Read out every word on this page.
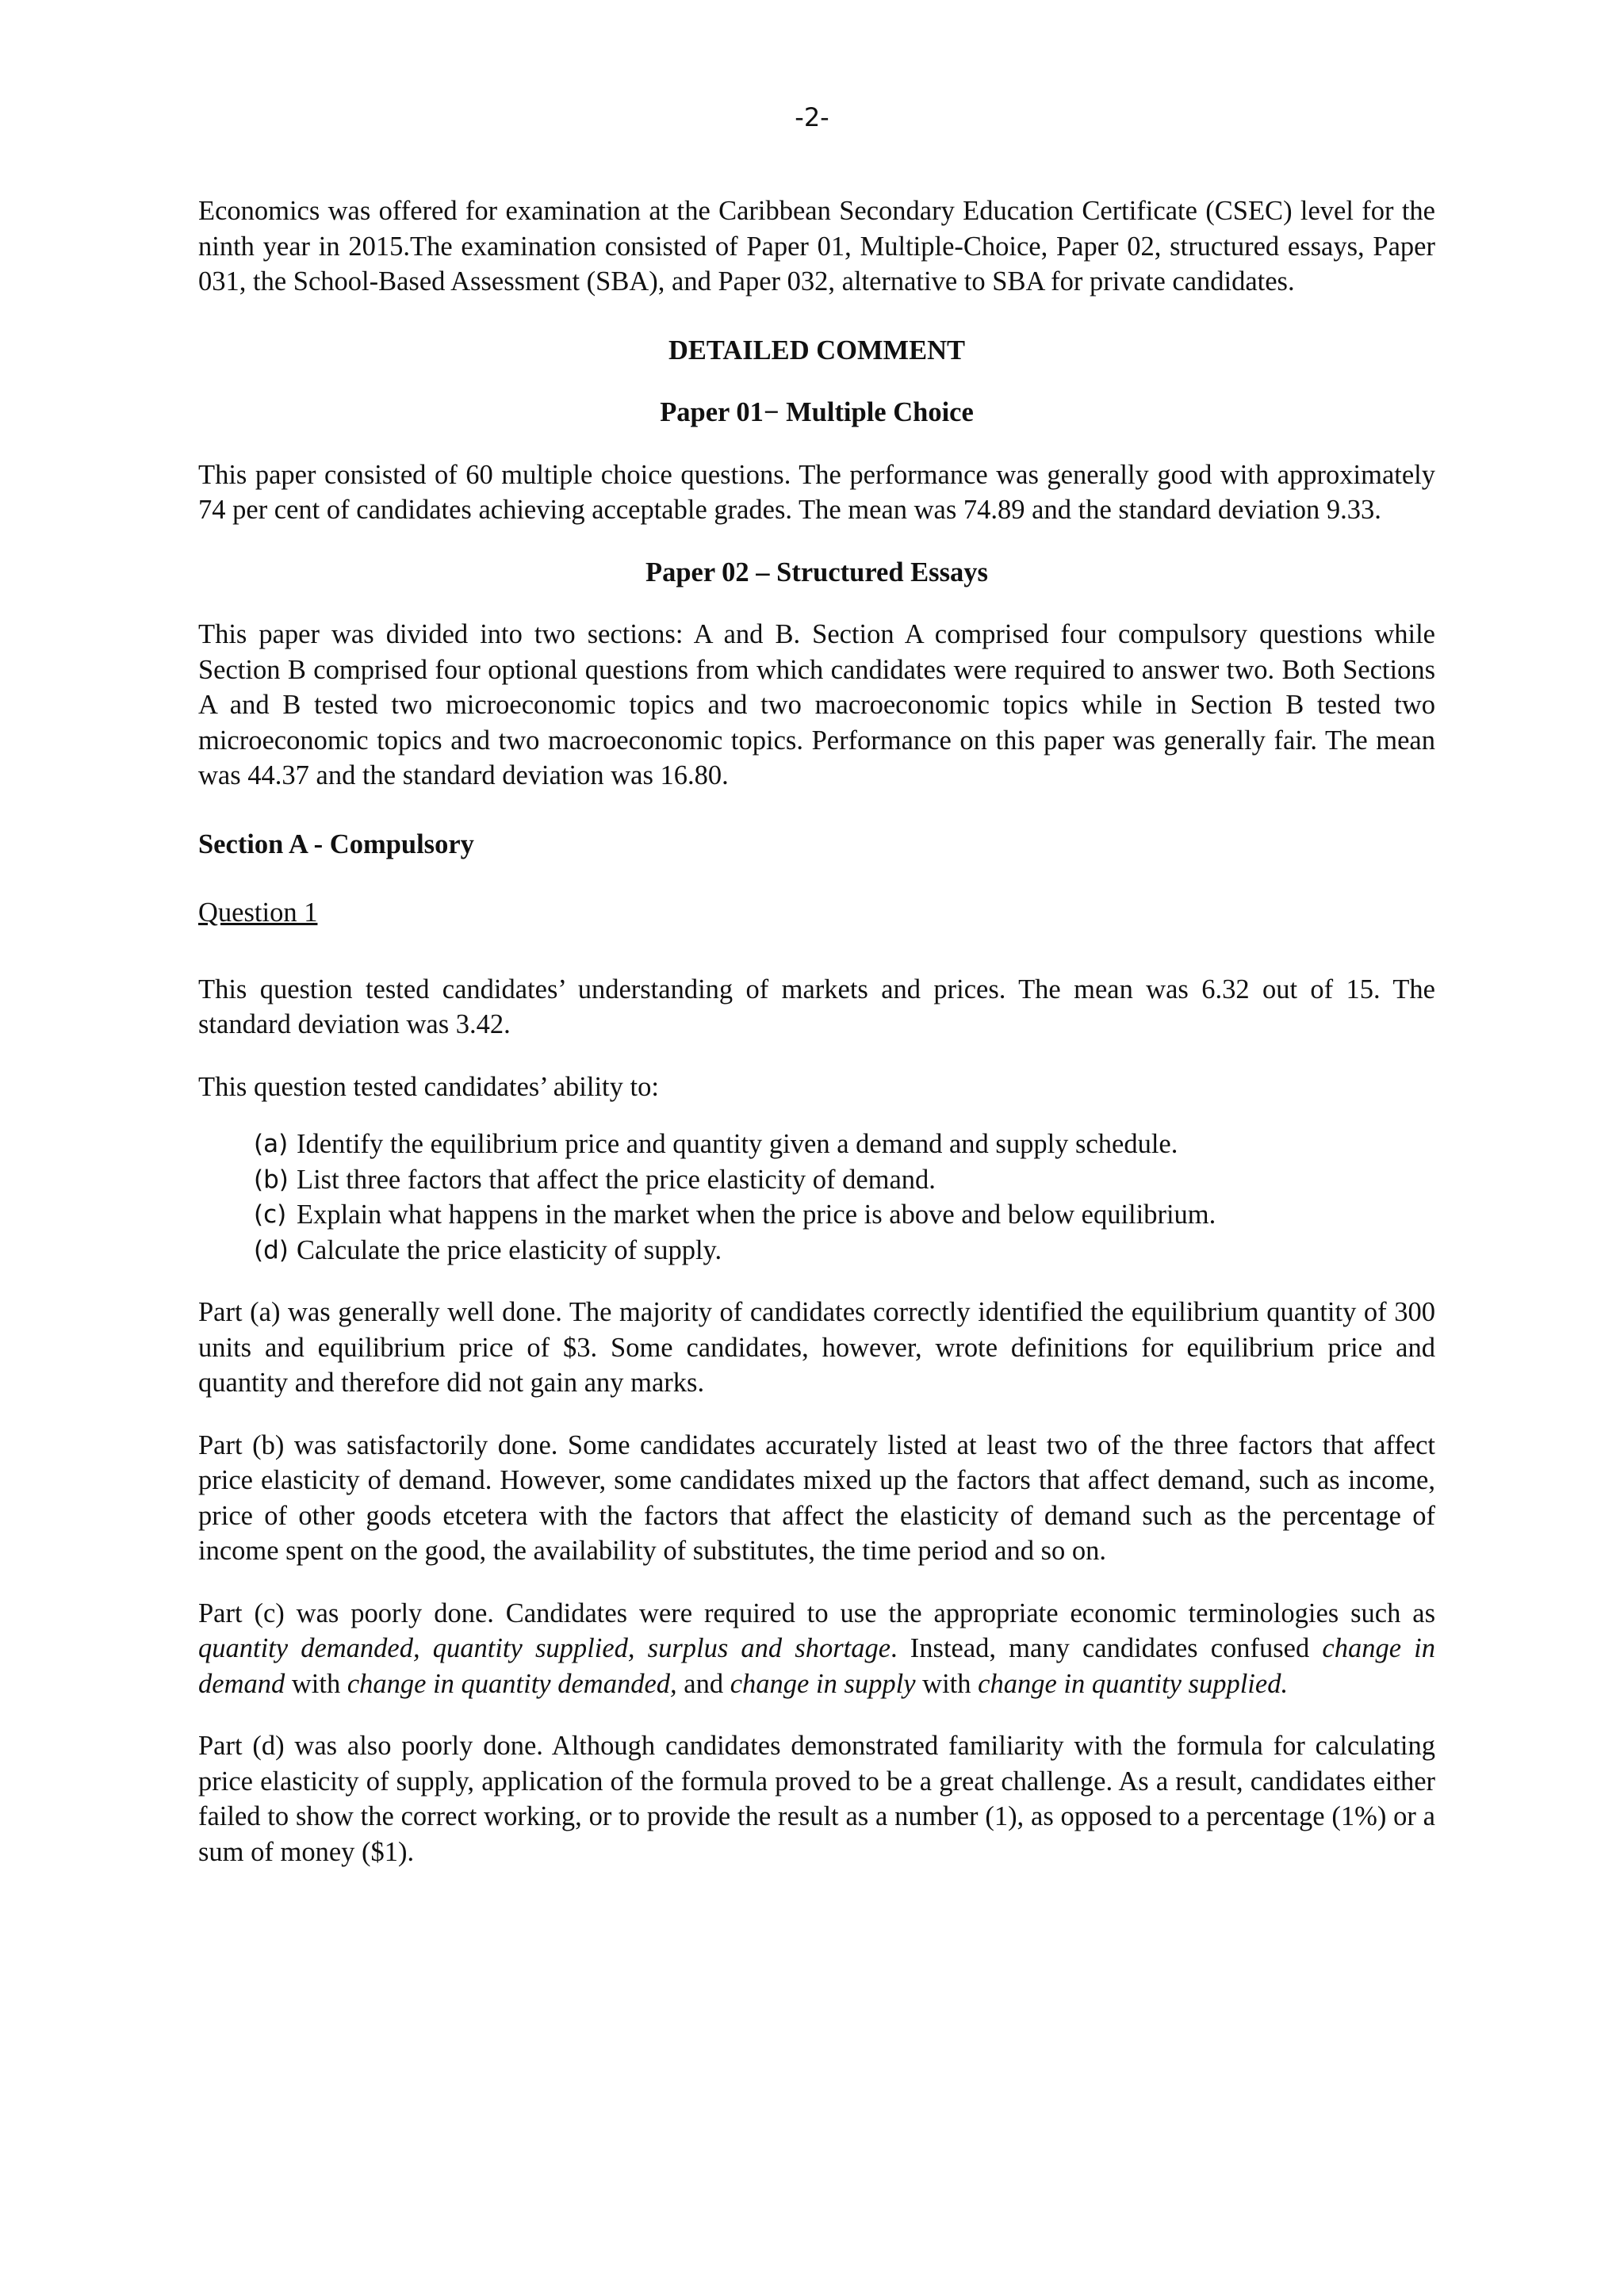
-2-

Economics was offered for examination at the Caribbean Secondary Education Certificate (CSEC) level for the ninth year in 2015.The examination consisted of Paper 01, Multiple-Choice, Paper 02, structured essays, Paper 031, the School-Based Assessment (SBA), and Paper 032, alternative to SBA for private candidates.

DETAILED COMMENT

Paper 01− Multiple Choice

This paper consisted of 60 multiple choice questions. The performance was generally good with approximately 74 per cent of candidates achieving acceptable grades. The mean was 74.89 and the standard deviation 9.33.

Paper 02 – Structured Essays

This paper was divided into two sections: A and B. Section A comprised four compulsory questions while Section B comprised four optional questions from which candidates were required to answer two. Both Sections A and B tested two microeconomic topics and two macroeconomic topics while in Section B tested two microeconomic topics and two macroeconomic topics. Performance on this paper was generally fair. The mean was 44.37 and the standard deviation was 16.80.

Section A - Compulsory

Question 1

This question tested candidates’ understanding of markets and prices. The mean was 6.32 out of 15. The standard deviation was 3.42.

This question tested candidates’ ability to:

(a) Identify the equilibrium price and quantity given a demand and supply schedule.
(b) List three factors that affect the price elasticity of demand.
(c) Explain what happens in the market when the price is above and below equilibrium.
(d) Calculate the price elasticity of supply.

Part (a) was generally well done. The majority of candidates correctly identified the equilibrium quantity of 300 units and equilibrium price of $3. Some candidates, however, wrote definitions for equilibrium price and quantity and therefore did not gain any marks.

Part (b) was satisfactorily done. Some candidates accurately listed at least two of the three factors that affect price elasticity of demand. However, some candidates mixed up the factors that affect demand, such as income, price of other goods etcetera with the factors that affect the elasticity of demand such as the percentage of income spent on the good, the availability of substitutes, the time period and so on.

Part (c) was poorly done. Candidates were required to use the appropriate economic terminologies such as quantity demanded, quantity supplied, surplus and shortage. Instead, many candidates confused change in demand with change in quantity demanded, and change in supply with change in quantity supplied.

Part (d) was also poorly done. Although candidates demonstrated familiarity with the formula for calculating price elasticity of supply, application of the formula proved to be a great challenge. As a result, candidates either failed to show the correct working, or to provide the result as a number (1), as opposed to a percentage (1%) or a sum of money ($1).
